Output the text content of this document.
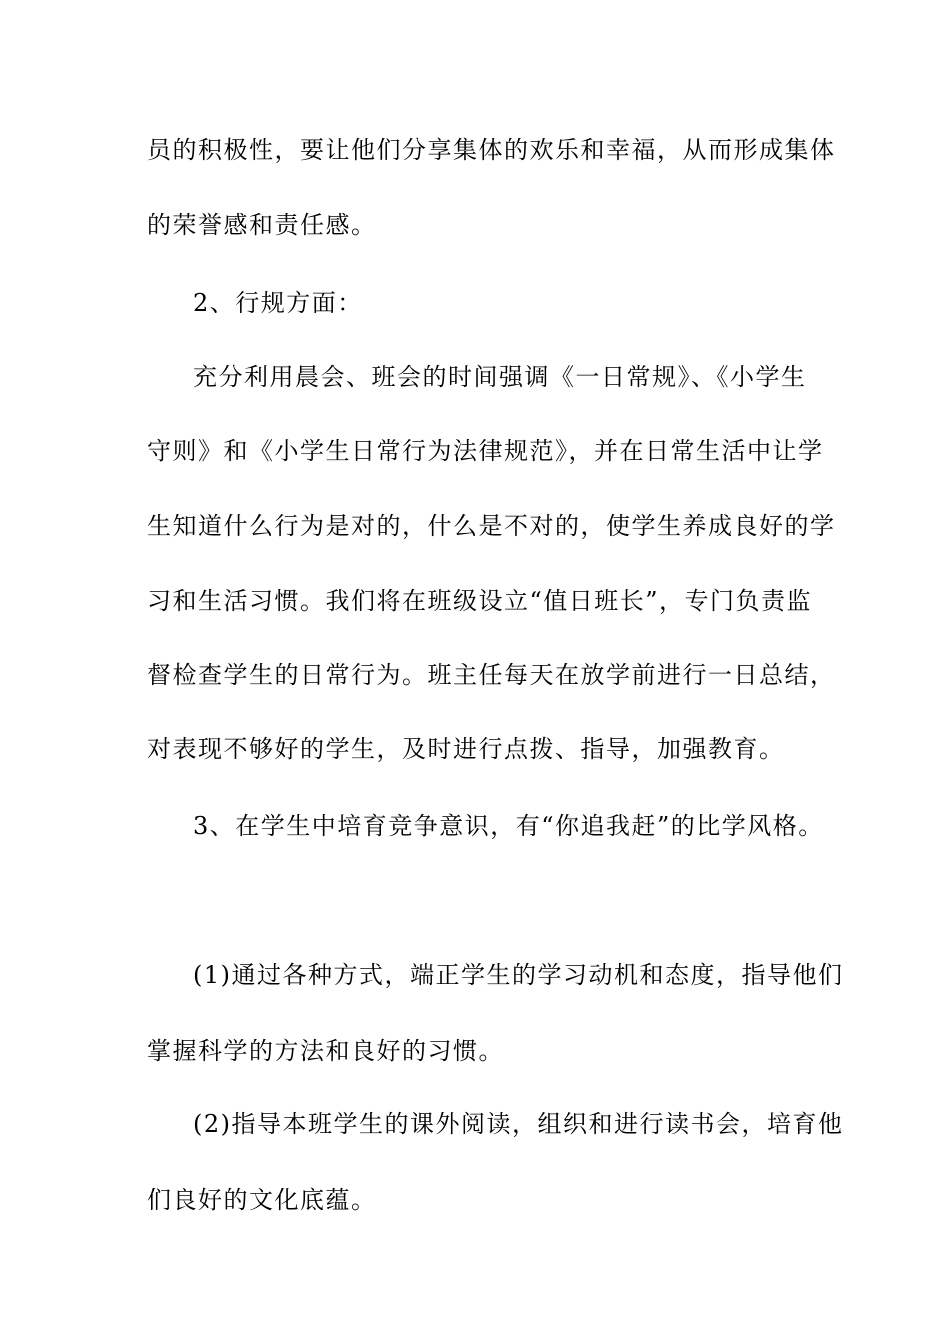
员的积极性，要让他们分享集体的欢乐和幸福，从而形成集体
的荣誉感和责任感。
2、行规方面：
充分利用晨会、班会的时间强调《一日常规》、《小学生
守则》和《小学生日常行为法律规范》，并在日常生活中让学
生知道什么行为是对的，什么是不对的，使学生养成良好的学
习和生活习惯。我们将在班级设立“值日班长”，专门负责监
督检查学生的日常行为。班主任每天在放学前进行一日总结，
对表现不够好的学生，及时进行点拨、指导，加强教育。
3、在学生中培育竞争意识，有“你追我赶”的比学风格。
(1)通过各种方式，端正学生的学习动机和态度，指导他们
掌握科学的方法和良好的习惯。
(2)指导本班学生的课外阅读，组织和进行读书会，培育他
们良好的文化底蕴。
